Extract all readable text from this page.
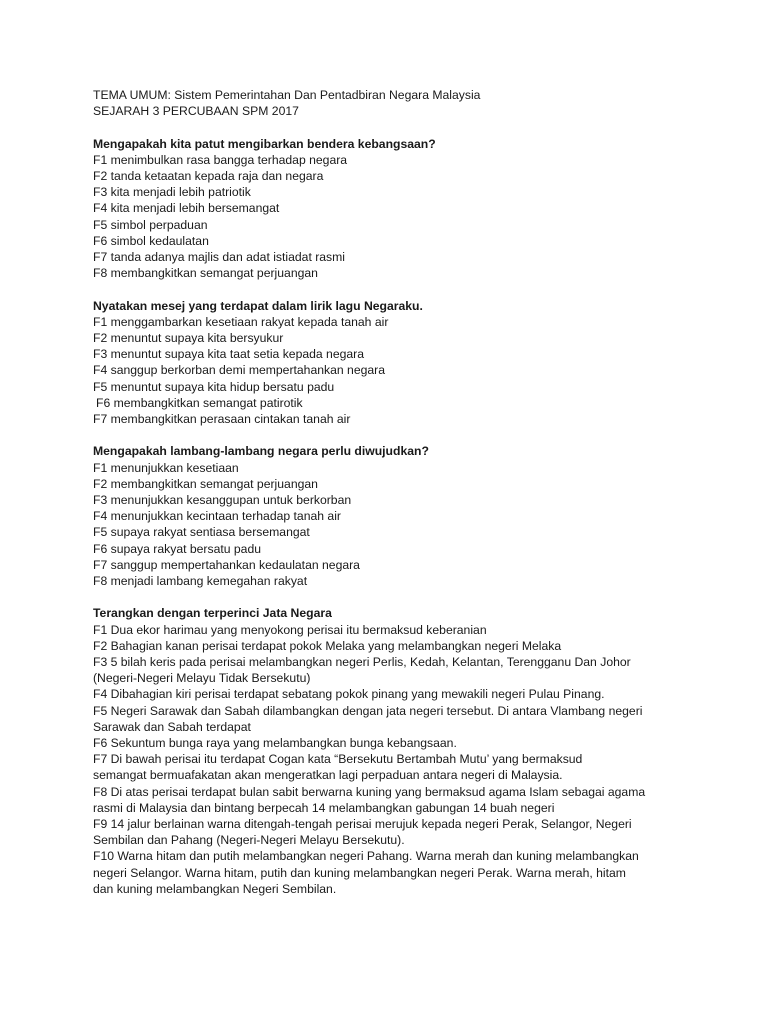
TEMA UMUM: Sistem Pemerintahan Dan Pentadbiran Negara Malaysia

SEJARAH 3 PERCUBAAN SPM 2017

Mengapakah kita patut mengibarkan bendera kebangsaan?

F1 menimbulkan rasa bangga terhadap negara

F2 tanda ketaatan kepada raja dan negara

F3 kita menjadi lebih patriotik

F4 kita menjadi lebih bersemangat

F5 simbol perpaduan

F6 simbol kedaulatan

F7 tanda adanya majlis dan adat istiadat rasmi

F8 membangkitkan semangat perjuangan

Nyatakan mesej yang terdapat dalam lirik lagu Negaraku.

F1 menggambarkan kesetiaan rakyat kepada tanah air

F2 menuntut supaya kita bersyukur

F3 menuntut supaya kita taat setia kepada negara

F4 sanggup berkorban demi mempertahankan negara

F5 menuntut supaya kita hidup bersatu padu

F6 membangkitkan semangat patirotik

F7 membangkitkan perasaan cintakan tanah air

Mengapakah lambang-lambang negara perlu diwujudkan?

F1 menunjukkan kesetiaan

F2 membangkitkan semangat perjuangan

F3 menunjukkan kesanggupan untuk berkorban

F4 menunjukkan kecintaan terhadap tanah air

F5 supaya rakyat sentiasa bersemangat

F6 supaya rakyat bersatu padu

F7 sanggup mempertahankan kedaulatan negara

F8 menjadi lambang kemegahan rakyat

Terangkan dengan terperinci Jata Negara

F1 Dua ekor harimau yang menyokong perisai itu bermaksud keberanian

F2 Bahagian kanan perisai terdapat pokok Melaka yang melambangkan negeri Melaka

F3 5 bilah keris pada perisai melambangkan negeri Perlis, Kedah, Kelantan, Terengganu Dan Johor

(Negeri-Negeri Melayu Tidak Bersekutu)

F4 Dibahagian kiri perisai terdapat sebatang pokok pinang yang mewakili negeri Pulau Pinang.

F5 Negeri Sarawak dan Sabah dilambangkan dengan jata negeri tersebut. Di antara Vlambang negeri

Sarawak dan Sabah terdapat

F6 Sekuntum bunga raya yang melambangkan bunga kebangsaan.

F7 Di bawah perisai itu terdapat Cogan kata “Bersekutu Bertambah Mutu’ yang bermaksud

semangat bermuafakatan akan mengeratkan lagi perpaduan antara negeri di Malaysia.

F8 Di atas perisai terdapat bulan sabit berwarna kuning yang bermaksud agama Islam sebagai agama

rasmi di Malaysia dan bintang berpecah 14 melambangkan gabungan 14 buah negeri

F9 14 jalur berlainan warna ditengah-tengah perisai merujuk kepada negeri Perak, Selangor, Negeri

Sembilan dan Pahang (Negeri-Negeri Melayu Bersekutu).

F10 Warna hitam dan putih melambangkan negeri Pahang. Warna merah dan kuning melambangkan

negeri Selangor. Warna hitam, putih dan kuning melambangkan negeri Perak. Warna merah, hitam

dan kuning melambangkan Negeri Sembilan.
